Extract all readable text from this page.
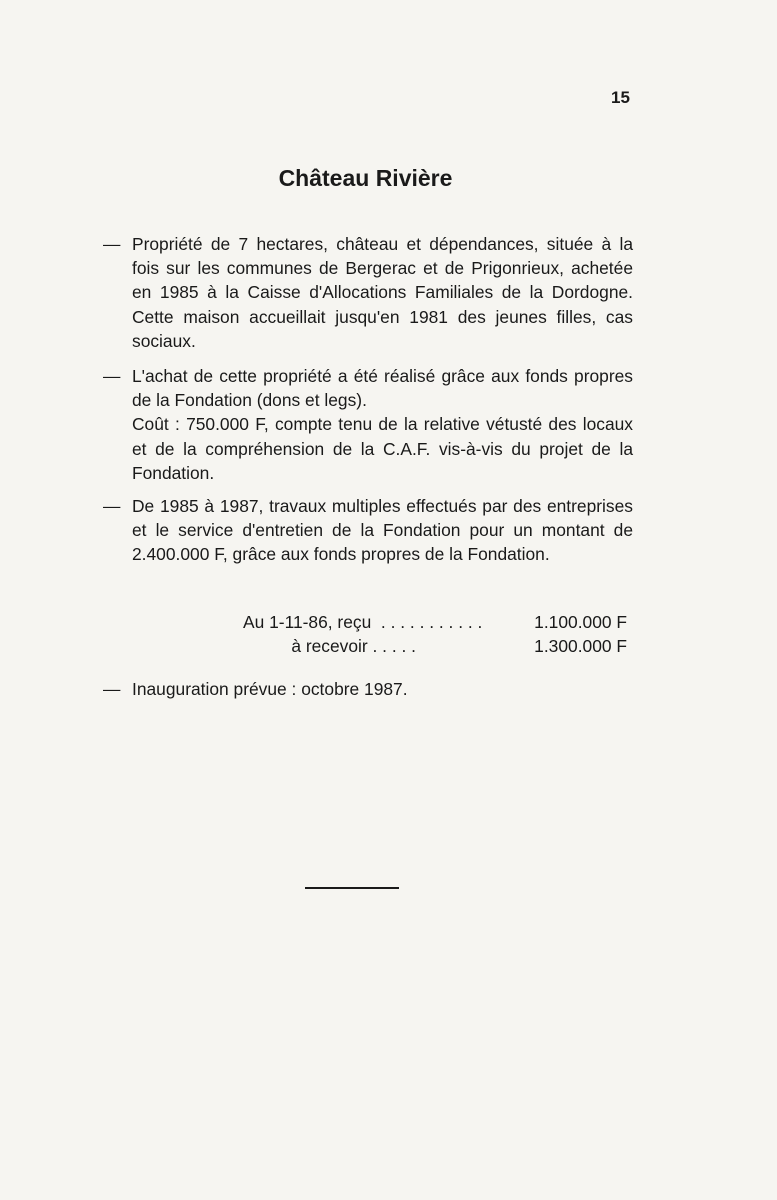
15
Château Rivière
— Propriété de 7 hectares, château et dépendances, située à la fois sur les communes de Bergerac et de Prigonrieux, achetée en 1985 à la Caisse d'Allocations Familiales de la Dordogne. Cette maison accueillait jusqu'en 1981 des jeunes filles, cas sociaux.

— L'achat de cette propriété a été réalisé grâce aux fonds propres de la Fondation (dons et legs).

Coût : 750.000 F, compte tenu de la relative vétusté des locaux et de la compréhension de la C.A.F. vis-à-vis du projet de la Fondation.

— De 1985 à 1987, travaux multiples effectués par des entreprises et le service d'entretien de la Fondation pour un montant de 2.400.000 F, grâce aux fonds propres de la Fondation.

Au 1-11-86, reçu  . . . . . . . . . . .	1.100.000 F
à recevoir . . . . .	1.300.000 F
— Inauguration prévue : octobre 1987.
